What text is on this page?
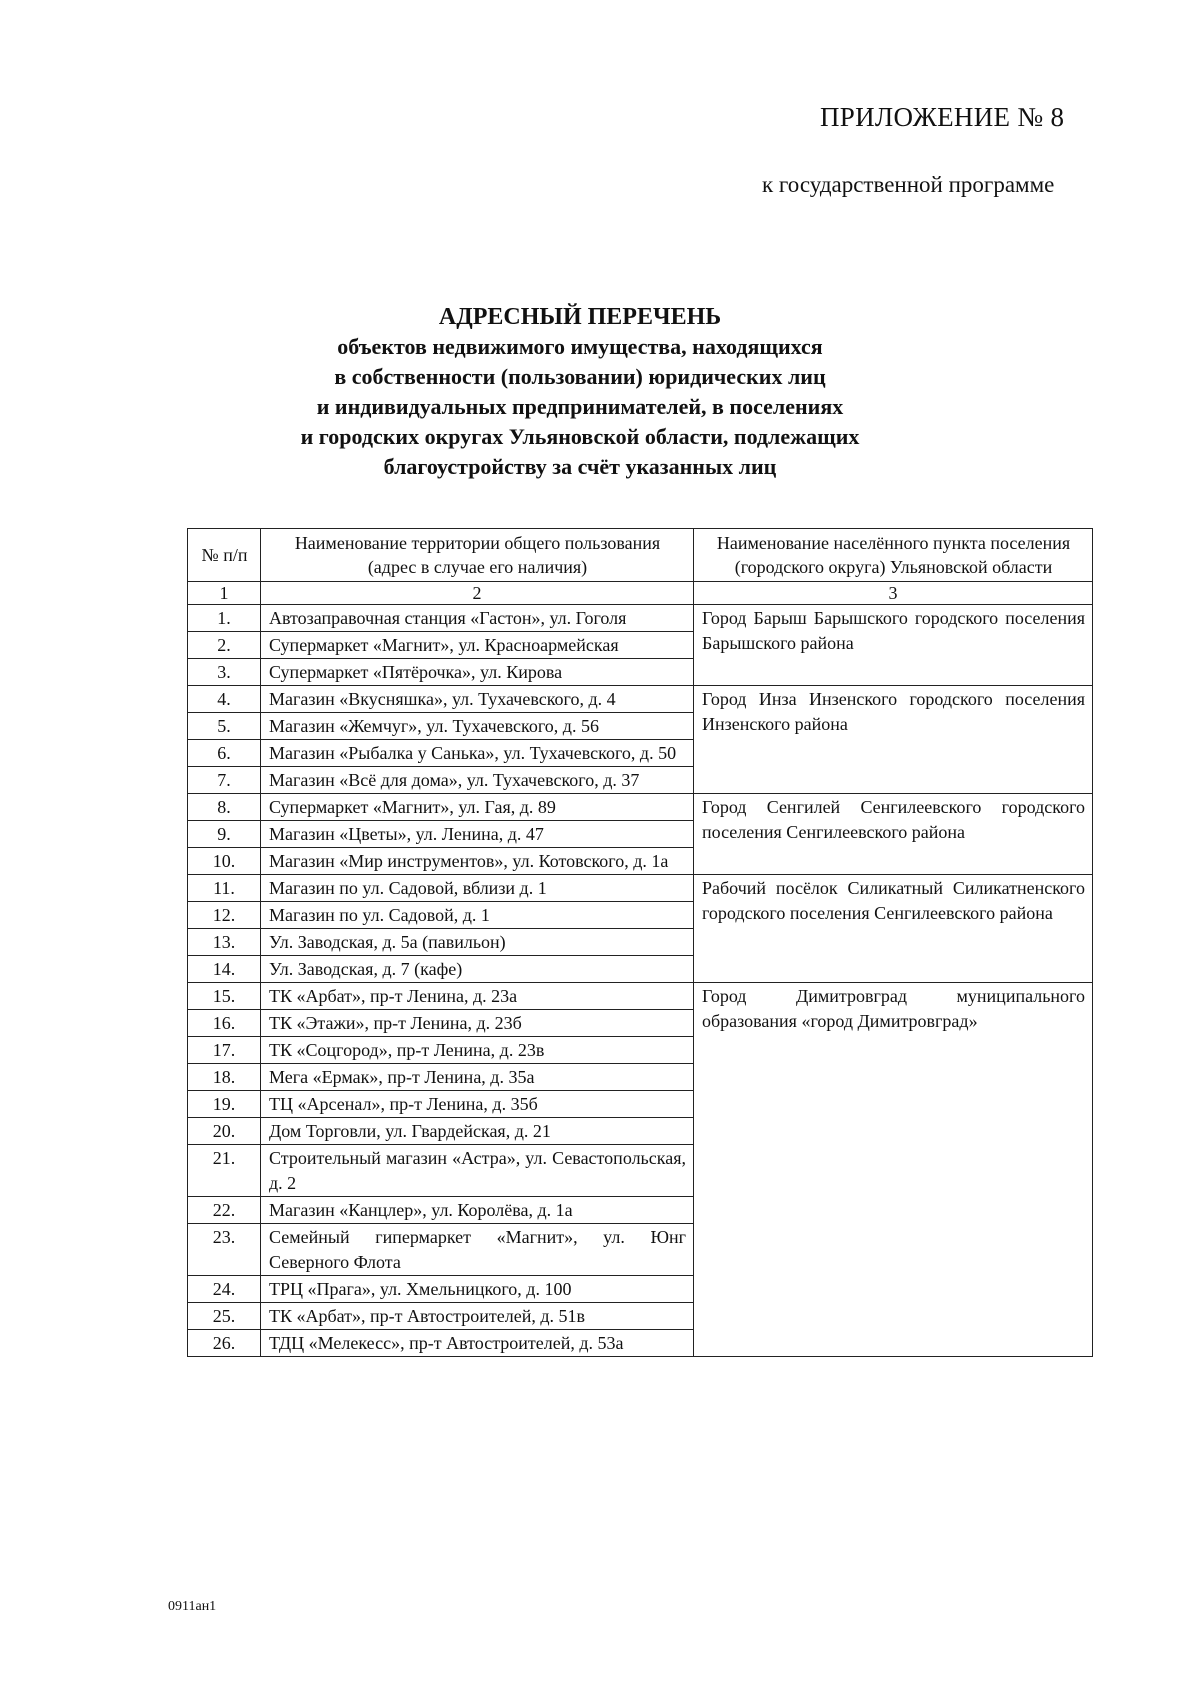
ПРИЛОЖЕНИЕ № 8
к государственной программе
АДРЕСНЫЙ ПЕРЕЧЕНЬ
объектов недвижимого имущества, находящихся
в собственности (пользовании) юридических лиц
и индивидуальных предпринимателей, в поселениях
и городских округах Ульяновской области, подлежащих
благоустройству за счёт указанных лиц
№ п/п	Наименование территории общего пользования (адрес в случае его наличия)	Наименование населённого пункта поселения (городского округа) Ульяновской области
1	2	3
1.	Автозаправочная станция «Гастон», ул. Гоголя	Город Барыш Барышского городского поселения Барышского района
2.	Супермаркет «Магнит», ул. Красноармейская	
3.	Супермаркет «Пятёрочка», ул. Кирова	
4.	Магазин «Вкусняшка», ул. Тухачевского, д. 4	Город Инза Инзенского городского поселения Инзенского района
5.	Магазин «Жемчуг», ул. Тухачевского, д. 56	
6.	Магазин «Рыбалка у Санька», ул. Тухачевского, д. 50	
7.	Магазин «Всё для дома», ул. Тухачевского, д. 37	
8.	Супермаркет «Магнит», ул. Гая, д. 89	Город Сенгилей Сенгилеевского городского поселения Сенгилеевского района
9.	Магазин «Цветы», ул. Ленина, д. 47	
10.	Магазин «Мир инструментов», ул. Котовского, д. 1а	
11.	Магазин по ул. Садовой, вблизи д. 1	Рабочий посёлок Силикатный Силикатненского городского поселения Сенгилеевского района
12.	Магазин по ул. Садовой, д. 1	
13.	Ул. Заводская, д. 5а (павильон)	
14.	Ул. Заводская, д. 7 (кафе)	
15.	ТК «Арбат», пр-т Ленина, д. 23а	Город Димитровград муниципального образования «город Димитровград»
16.	ТК «Этажи», пр-т Ленина, д. 23б	
17.	ТК «Соцгород», пр-т Ленина, д. 23в	
18.	Мега «Ермак», пр-т Ленина, д. 35а	
19.	ТЦ «Арсенал», пр-т Ленина, д. 35б	
20.	Дом Торговли, ул. Гвардейская, д. 21	
21.	Строительный магазин «Астра», ул. Севастопольская, д. 2	
22.	Магазин «Канцлер», ул. Королёва, д. 1а	
23.	Семейный гипермаркет «Магнит», ул. Юнг Северного Флота	
24.	ТРЦ «Прага», ул. Хмельницкого, д. 100	
25.	ТК «Арбат», пр-т Автостроителей, д. 51в	
26.	ТДЦ «Мелекесс», пр-т Автостроителей, д. 53а	
0911ан1
